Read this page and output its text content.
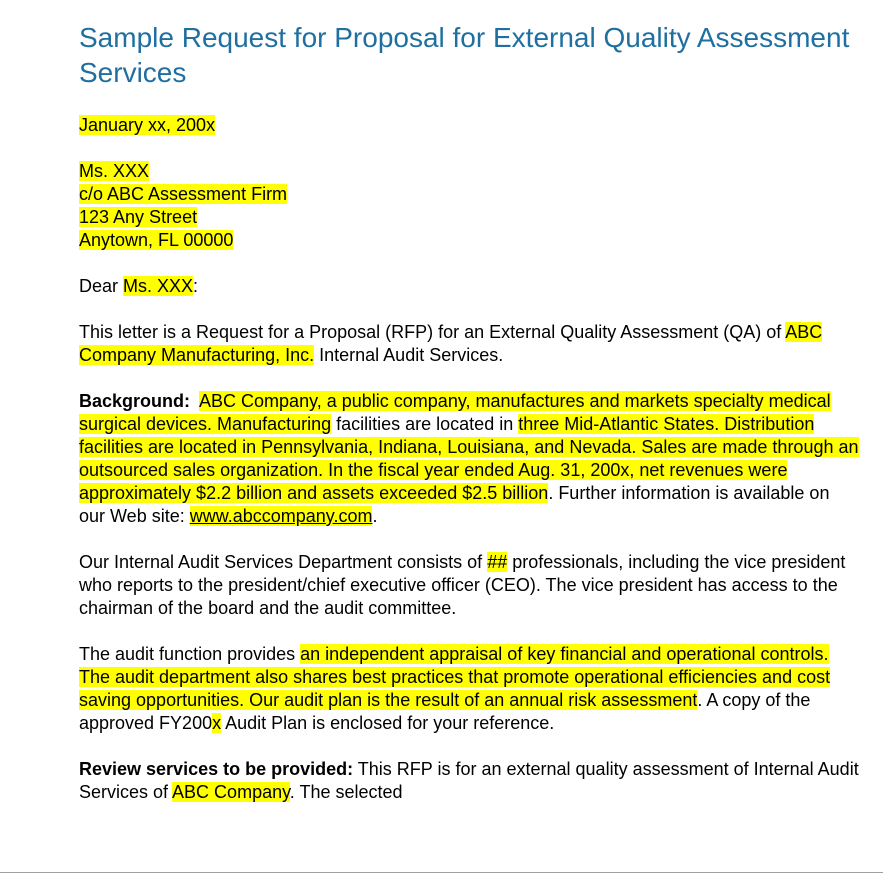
Sample Request for Proposal for External Quality Assessment Services

January xx, 200x

Ms. XXX
c/o ABC Assessment Firm
123 Any Street
Anytown, FL 00000

Dear Ms. XXX:

This letter is a Request for a Proposal (RFP) for an External Quality Assessment (QA) of ABC Company Manufacturing, Inc. Internal Audit Services.

Background: ABC Company, a public company, manufactures and markets specialty medical surgical devices. Manufacturing facilities are located in three Mid-Atlantic States. Distribution facilities are located in Pennsylvania, Indiana, Louisiana, and Nevada. Sales are made through an outsourced sales organization. In the fiscal year ended Aug. 31, 200x, net revenues were approximately $2.2 billion and assets exceeded $2.5 billion. Further information is available on our Web site: www.abccompany.com.

Our Internal Audit Services Department consists of ## professionals, including the vice president who reports to the president/chief executive officer (CEO). The vice president has access to the chairman of the board and the audit committee.

The audit function provides an independent appraisal of key financial and operational controls. The audit department also shares best practices that promote operational efficiencies and cost saving opportunities. Our audit plan is the result of an annual risk assessment. A copy of the approved FY200x Audit Plan is enclosed for your reference.

Review services to be provided: This RFP is for an external quality assessment of Internal Audit Services of ABC Company. The selected
